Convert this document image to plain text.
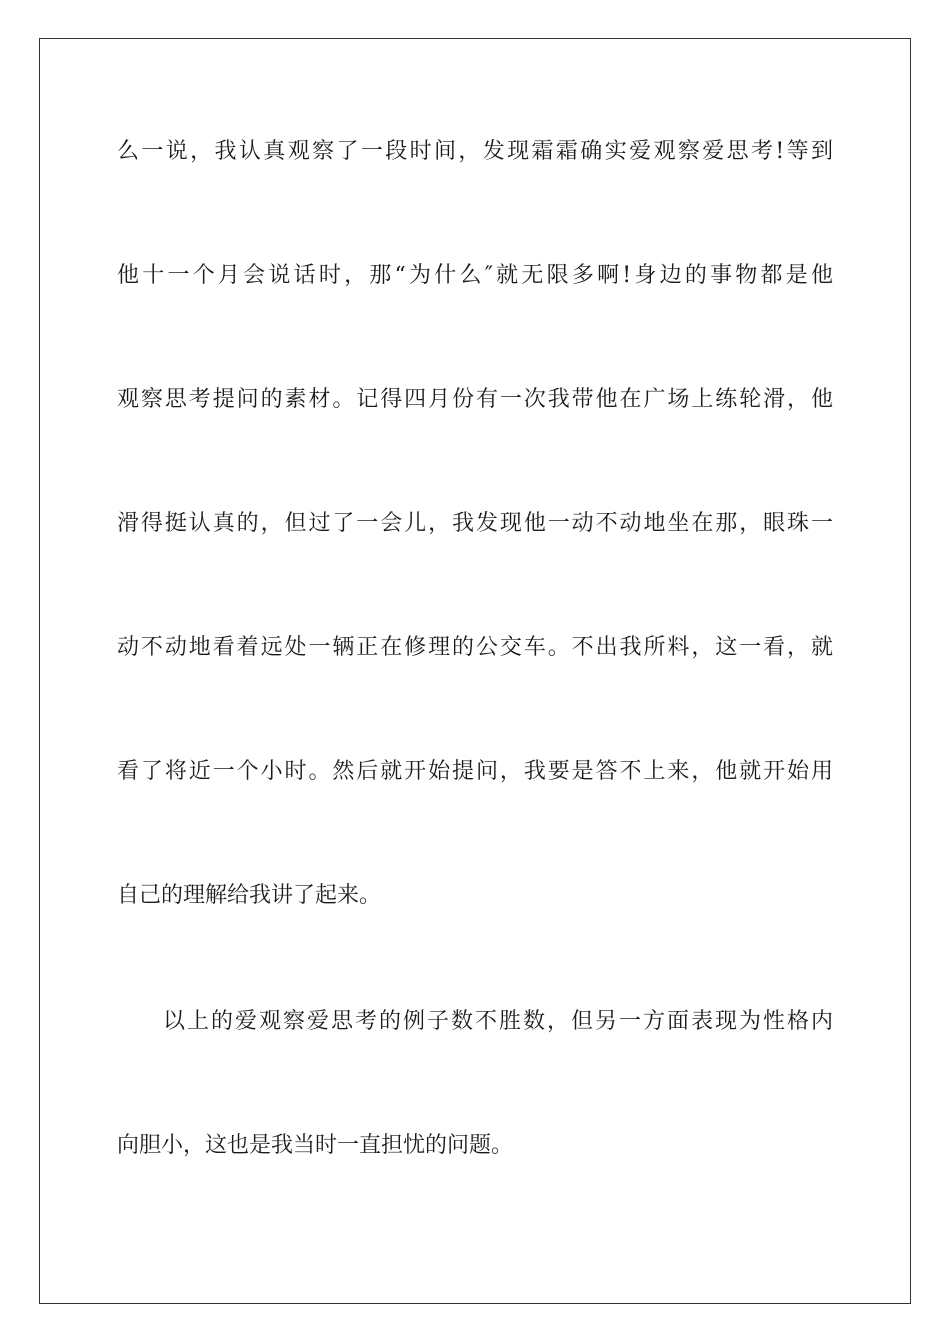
么一说，我认真观察了一段时间，发现霜霜确实爱观察爱思考!等到
他十一个月会说话时，那“为什么″就无限多啊!身边的事物都是他
观察思考提问的素材。记得四月份有一次我带他在广场上练轮滑，他
滑得挺认真的，但过了一会儿，我发现他一动不动地坐在那，眼珠一
动不动地看着远处一辆正在修理的公交车。不出我所料，这一看，就
看了将近一个小时。然后就开始提问，我要是答不上来，他就开始用
自己的理解给我讲了起来。
以上的爱观察爱思考的例子数不胜数，但另一方面表现为性格内
向胆小，这也是我当时一直担忧的问题。
